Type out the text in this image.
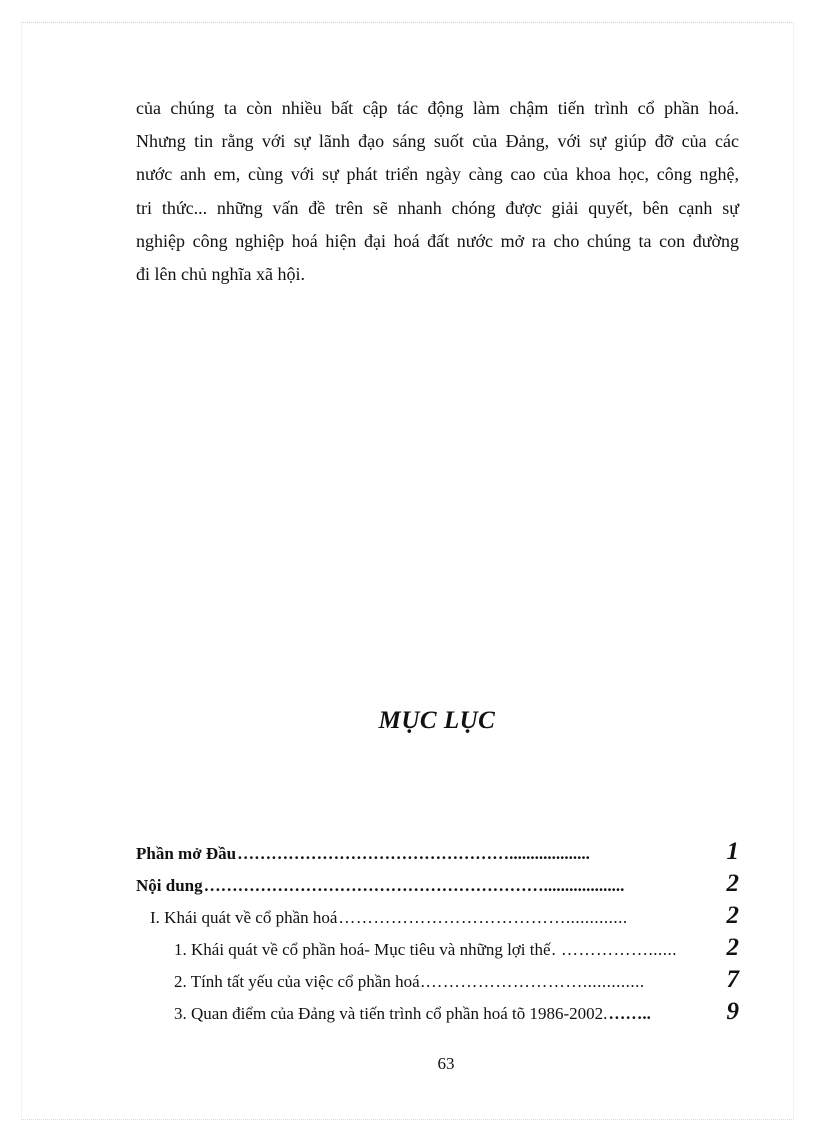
của chúng ta còn nhiều bất cập tác động làm chậm tiến trình cổ phần hoá.
Nhưng tin rằng với sự lãnh đạo sáng suốt của Đảng, với sự giúp đỡ của các
nước anh em, cùng với sự phát triển ngày càng cao của khoa học, công nghệ,
tri thức... những vấn đề trên sẽ nhanh chóng được giải quyết, bên cạnh sự
nghiệp công nghiệp hoá hiện đại hoá đất nước mở ra cho chúng ta con đường
đi lên chủ nghĩa xã hội.

MỤC LỤC
Phần mở Đầu …………………………………………...................	1
Nội dung ……………………………………………………...................	2
I. Khái quát về cổ phần hoá ………………………………….............	2
1. Khái quát về cổ phần hoá- Mục tiêu và những lợi thế . ……………......	2
2. Tính tất yếu của việc cổ phần hoá .……………………….............	7
3. Quan điểm của Đảng và tiến trình cổ phần hoá tõ 1986-2002. ……..	9

63
